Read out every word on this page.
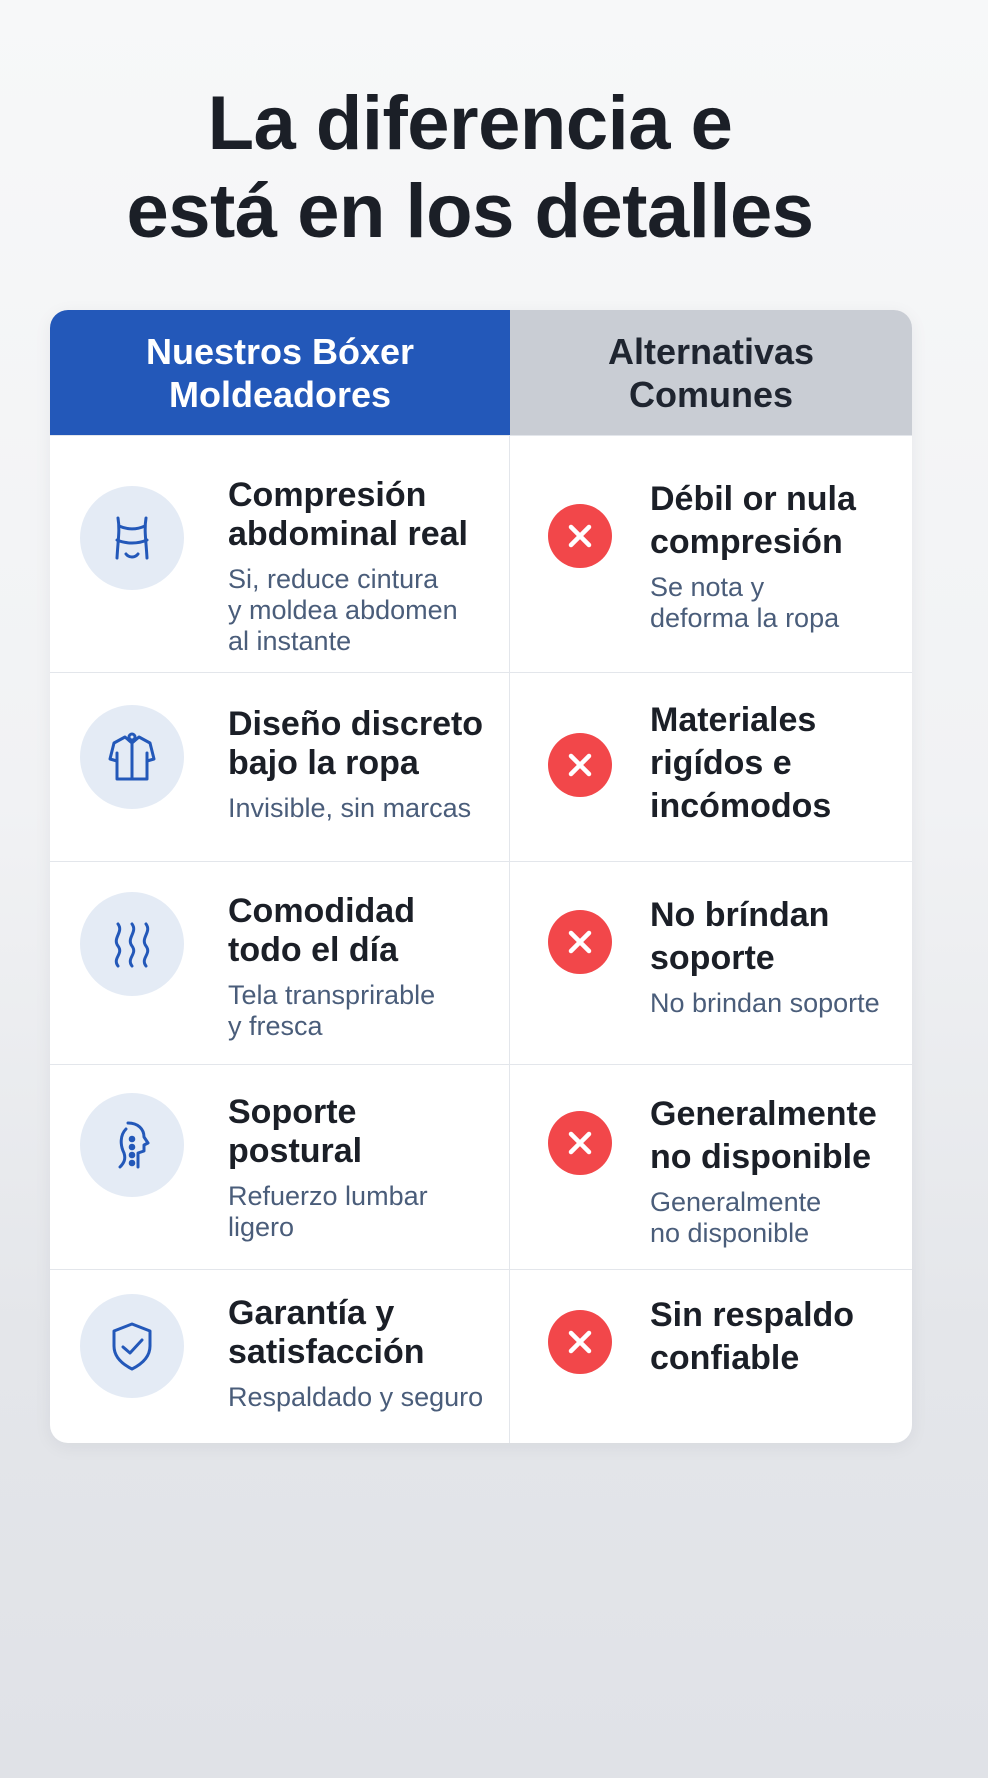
La diferencia e
está en los detalles
Nuestros Bóxer
Moldeadores
Alternativas
Comunes
Compresión
abdominal real
Si, reduce cintura
y moldea abdomen
al instante
Débil or nula
compresión
Se nota y
deforma la ropa
Diseño discreto
bajo la ropa
Invisible, sin marcas
Materiales
rigídos e
incómodos
Comodidad
todo el día
Tela transprirable
y fresca
No bríndan
soporte
No brindan soporte
Soporte
postural
Refuerzo lumbar
ligero
Generalmente
no disponible
Generalmente
no disponible
Garantía y
satisfacción
Respaldado y seguro
Sin respaldo
confiable
